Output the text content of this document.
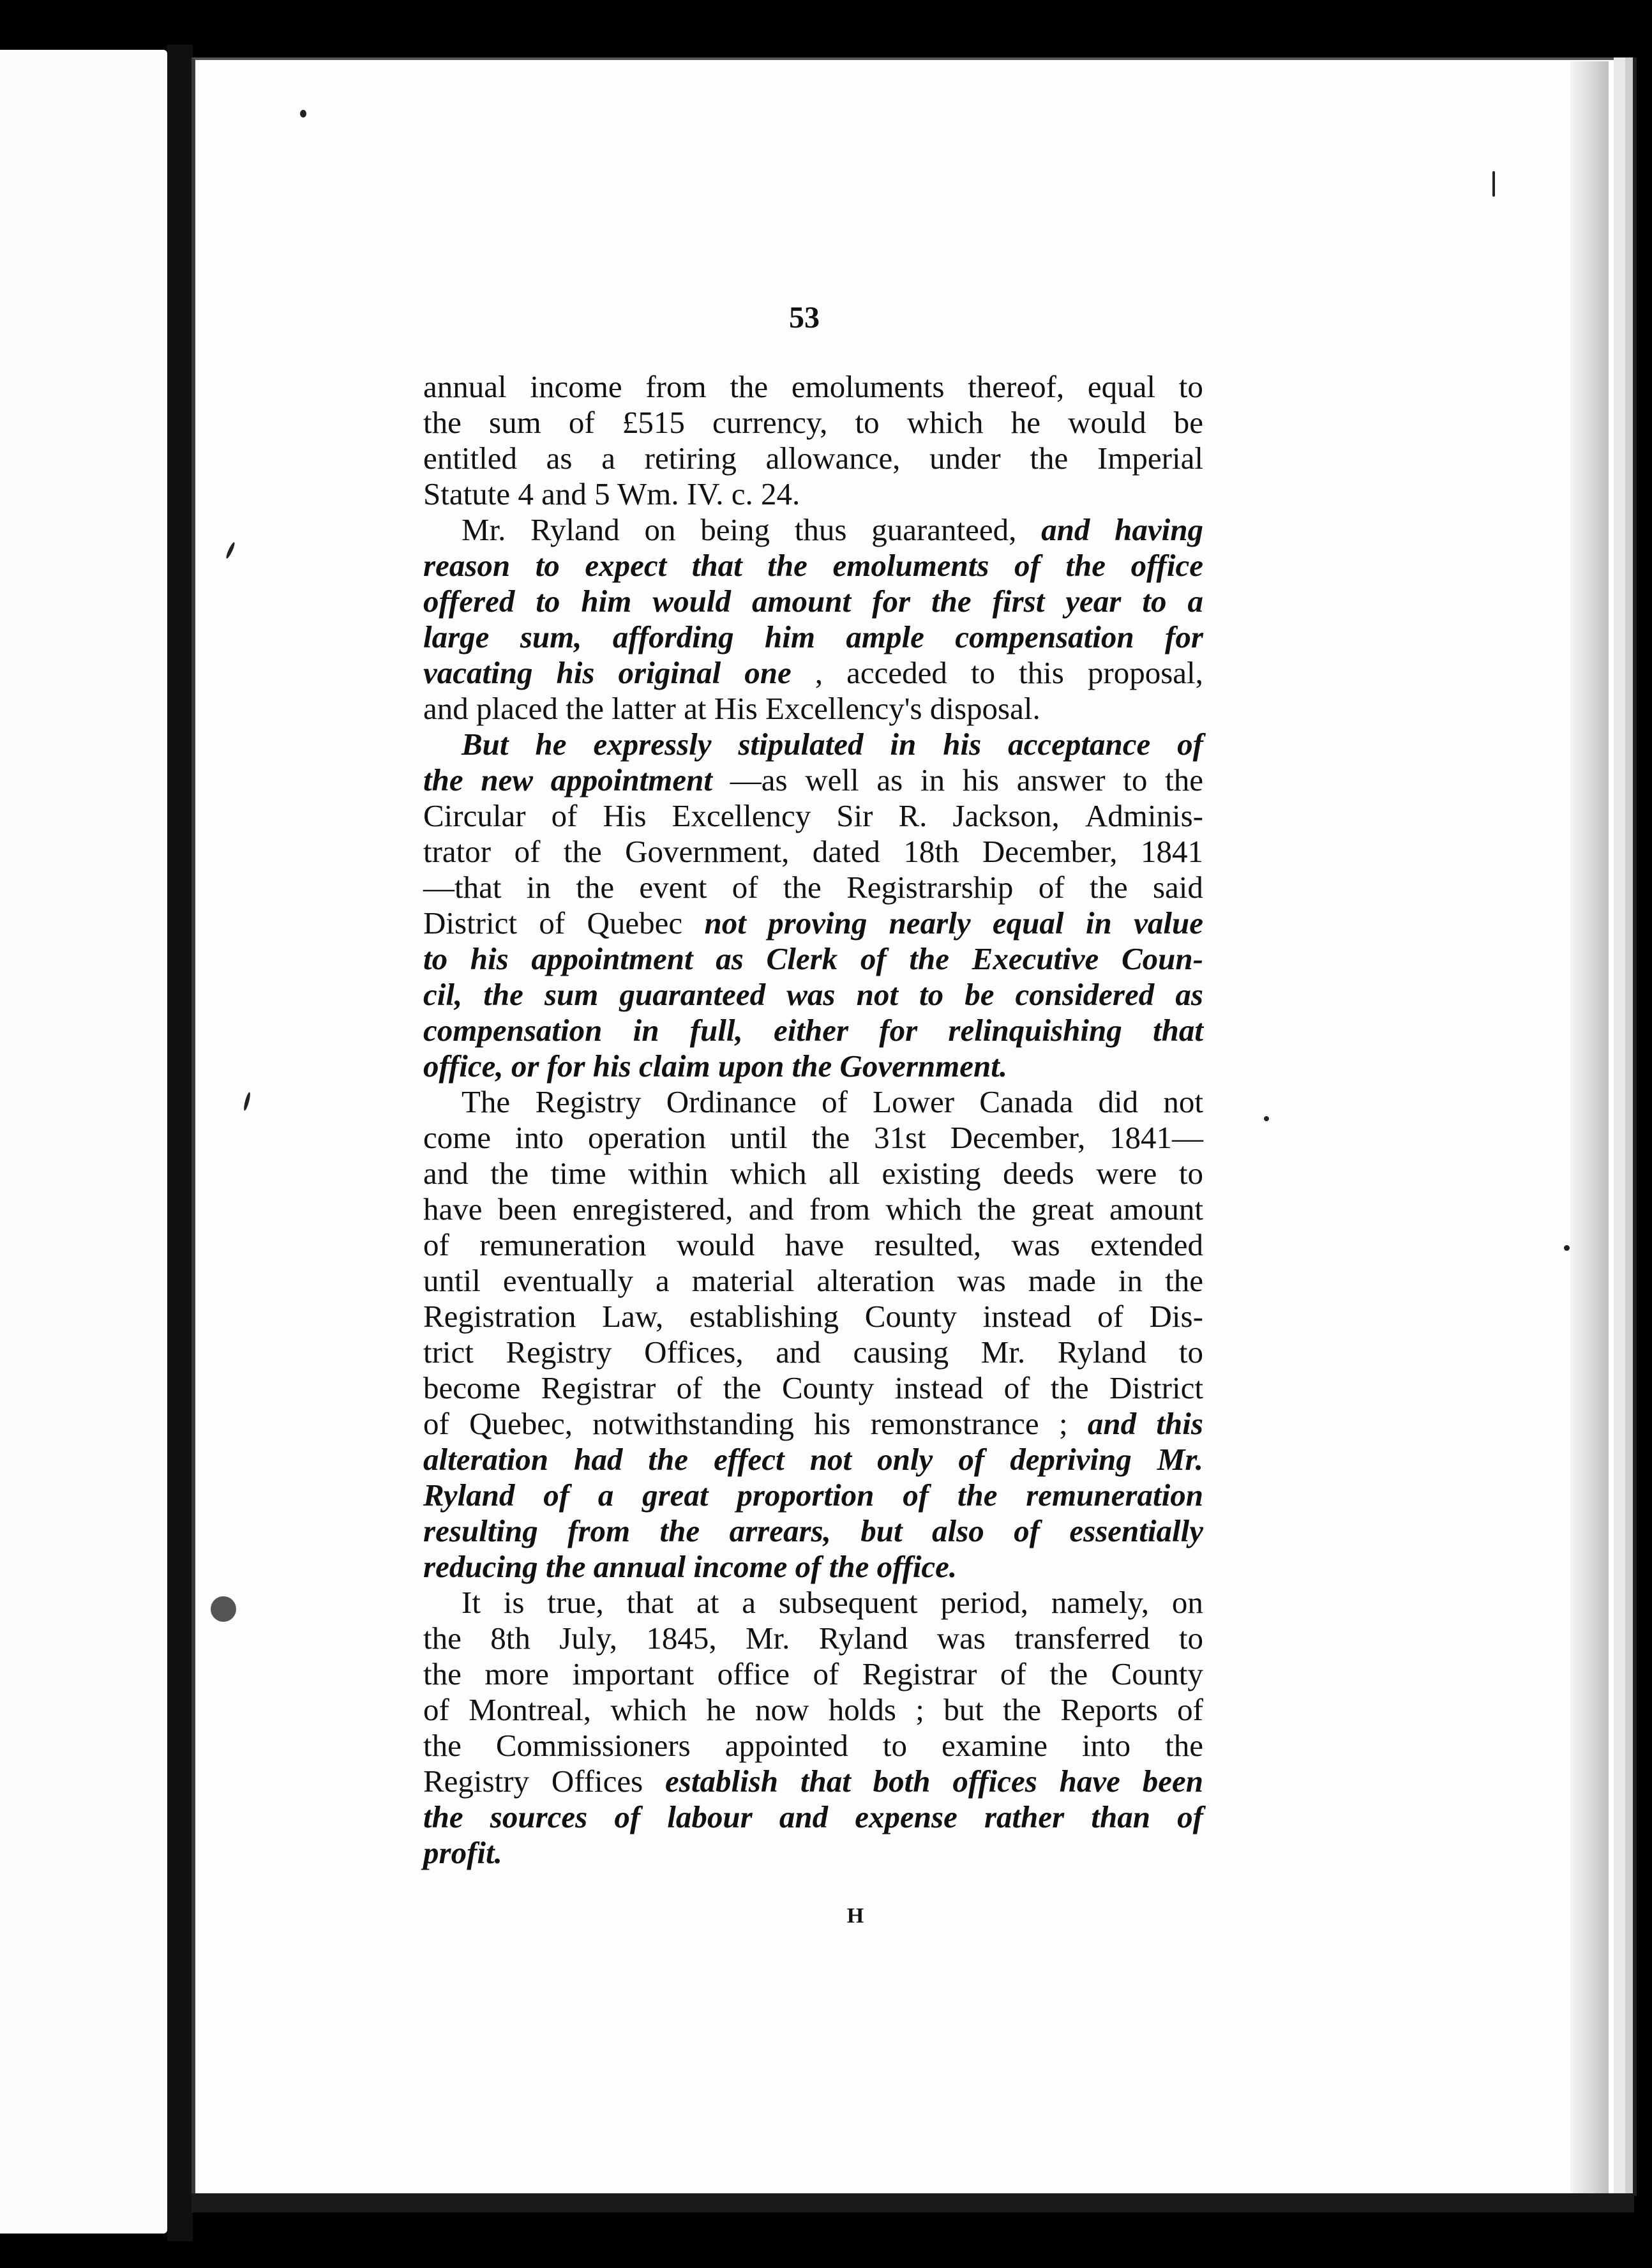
53
annual income from the emoluments thereof, equal to
the sum of £515 currency, to which he would be
entitled as a retiring allowance, under the Imperial
Statute 4 and 5 Wm. IV. c. 24.
Mr. Ryland on being thus guaranteed, and having
reason to expect that the emoluments of the office
offered to him would amount for the first year to a
large sum, affording him ample compensation for
vacating his original one , acceded to this proposal,
and placed the latter at His Excellency's disposal.
But he expressly stipulated in his acceptance of
the new appointment —as well as in his answer to the
Circular of His Excellency Sir R. Jackson, Adminis-
trator of the Government, dated 18th December, 1841
—that in the event of the Registrarship of the said
District of Quebec not proving nearly equal in value
to his appointment as Clerk of the Executive Coun-
cil, the sum guaranteed was not to be considered as
compensation in full, either for relinquishing that
office, or for his claim upon the Government.
The Registry Ordinance of Lower Canada did not
come into operation until the 31st December, 1841—
and the time within which all existing deeds were to
have been enregistered, and from which the great amount
of remuneration would have resulted, was extended
until eventually a material alteration was made in the
Registration Law, establishing County instead of Dis-
trict Registry Offices, and causing Mr. Ryland to
become Registrar of the County instead of the District
of Quebec, notwithstanding his remonstrance ; and this
alteration had the effect not only of depriving Mr.
Ryland of a great proportion of the remuneration
resulting from the arrears, but also of essentially
reducing the annual income of the office.
It is true, that at a subsequent period, namely, on
the 8th July, 1845, Mr. Ryland was transferred to
the more important office of Registrar of the County
of Montreal, which he now holds ; but the Reports of
the Commissioners appointed to examine into the
Registry Offices establish that both offices have been
the sources of labour and expense rather than of
profit.
H
